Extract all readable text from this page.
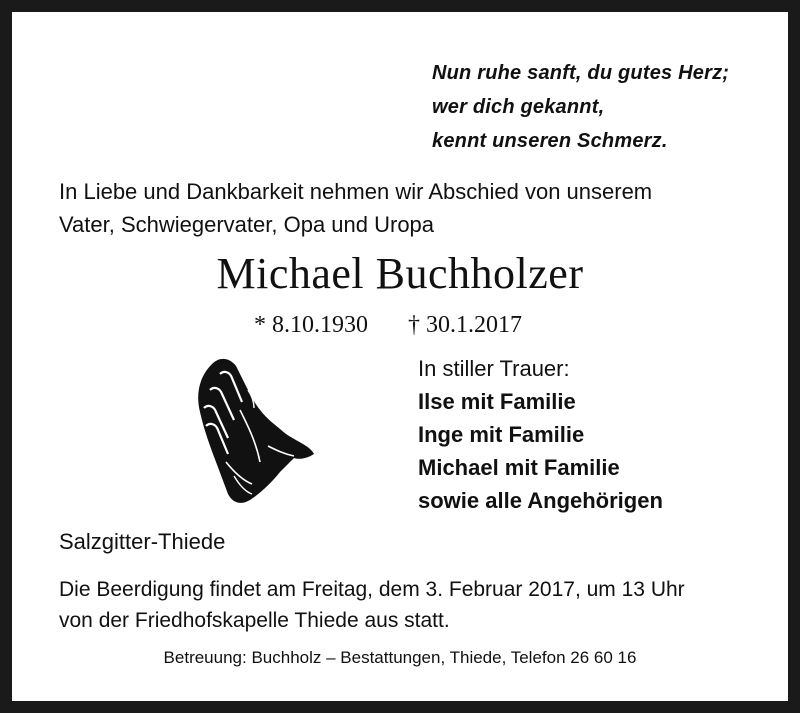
Nun ruhe sanft, du gutes Herz;
wer dich gekannt,
kennt unseren Schmerz.
In Liebe und Dankbarkeit nehmen wir Abschied von unserem
Vater, Schwiegervater, Opa und Uropa
Michael Buchholzer
* 8.10.1930 † 30.1.2017
In stiller Trauer:
Ilse mit Familie
Inge mit Familie
Michael mit Familie
sowie alle Angehörigen
Salzgitter-Thiede
Die Beerdigung findet am Freitag, dem 3. Februar 2017, um 13 Uhr
von der Friedhofskapelle Thiede aus statt.
Betreuung: Buchholz – Bestattungen, Thiede, Telefon 26 60 16
